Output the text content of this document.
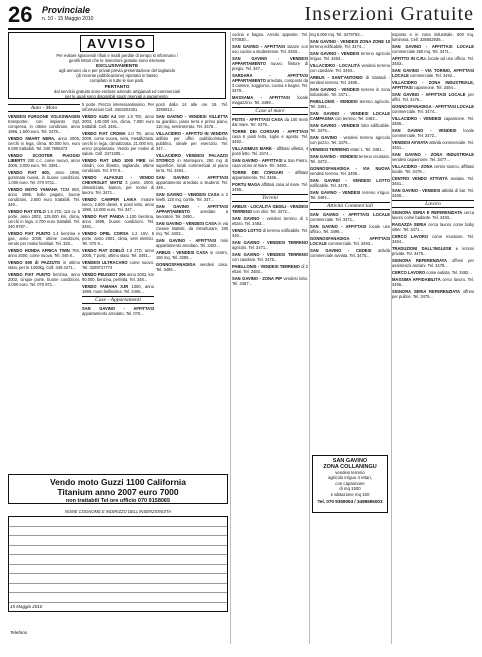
26 Provinciale
n. 10 - 15 Maggio 2010	Inserzioni Gratuite
AVVISO

Per evitare spiacevoli rifiuti e inutili perdite di tempo si informano i

gentili lettori che le inserzioni gratuite sono riservate

ESCLUSIVAMENTE

agli annunci da e per privati previa presentazione del tagliando

(di recente pubblicazione) riportato in basso

compilato in tutte le sue parti.

PERTANTO

dal servizio gratuito sono escluse aziende artigianali ed commerciali

per le quali sono disponibili spazi riservati a pagamento.

Auto - Moto
VENDESI FURGONE VOLKSWAGEN transporter, con impianto Gpl, compresa, in ottime condizioni, anno 1996, 1.500 euro. Tel. 3478...
VENDO SMART NERA, anno 2005, cerchi in lega, clima, 80.000 km, euro 5.500 trattabili. Tel. 340 7655473
VENDO SCOOTER PIAGGIO LIBERTY 200 c.c. come nuovo, anno 2006, 3.000 euro. Tel. 3391...
VENDO FIAT 600, anno 1998, gommata nuova, in buone condizioni, 1.000 euro. Tel. 070 9711...
VENDO MOTO YAMAHA TDM 850, anno 1996, bollo pagato, buone condizioni, 2.500 euro trattabili. Tel. 349...
VENDO FIAT STILO 1.9 JTD, 115 cv, 5 porte, anno 2002, 125.000 km, clima, cerchi in lega, 3.700 euro trattabili. Tel. 340 9787...
VENDO FIAT PUNTO 1.4 benzina e gas, anno 2008, ottime condizioni, vendo per motivi familiari. Tel. 328...
VENDO HONDA AFRICA TWIN 750, anno 2000, come nuova. Tel. 348 8...
VENDO 600 di PAZZUTO in ottimo stato, per le 1400kg. Cell. 349 4471...
VENDO FIAT PUNTO benzina, anno 2002, cinque porte, buone condizioni, 2.000 euro. Tel. 070 971...
5 porte. Prezzo interessantissimo. Per informazioni Cell. 3403202401
VENDO AUDI A4 SW 1.9 TDI, anno 2003, 140.000 km, clima, 7.000 euro trattabili. Cell. 3491...
VENDO FIAT CROMA 2.0 TD, anno 2009, come nuova, nera, metallizzata, cerchi in lega, climatizzata, 21.000 km, unico proprietario. Vendo per motivi di salute. Cell. 3471005...
VENDO FIAT UNO 1000 FIRE sei cilindri, con libretto, tagliando, ottime condizioni. Tel. 070 9....
VENDO ALFASUD - VENDO CHEVROLET MATIZ 3 porte, 2000, climatizzata, bianca, per motivi di lavoro. Tel. 3471...
VENDO CAMPER LAIKA motore Iveco, 2.800 diesel, 6 posti letto, anno 1990, 12.000 euro. Tel. 347...
VENDO FIAT PANDA 1.100 benzina, anno 1998, buone condizioni. Tel. 3491...
VENDO OPEL CORSA 1.2 16V, 5 porte, anno 2001, clima, vetri elettrici. Tel. 070 9...
VENDO FIAT DOBLÒ 1.9 JTD, anno 2005, 7 posti, ottimo stato. Tel. 3491...
VENDESI ULTRACARO come nuovo. Tel. 3209717774
VENDO PEUGEOT 206 anno 2002, km 90.000, benzina, perfetta. Tel. 348...
VENDO YAMAHA XJR 1300, anno 1999, moto bellissima. Tel. 3406...
Case - Appartamenti
SAN GAVINO - AFFITTASI appartamento arredato. Tel. 070...
posti dalla 14 alle ore 19. Tel. 3290913...
SAN GAVINO - VENDESI VILLETTA su giardino, piano terra e primo piano, 110 mq, seminterrato. Tel. 3478...
VILLACIDRO - AFFITTO IN VENDITA adibito per uffici pubblico/studio, pubblico, ideale per esercizio. Tel. 347...
VILLACIDRO VENDESI PALAZZO STORICO in Monteponi, 250 mq di superficie, locali commerciali al piano terra. Tel. 3494...
SAN GAVINO - AFFITTASI appartamento arredato a studenti. Tel. 349...
SAN GAVINO - VENDESI CASA a 2 livelli, 120 mq, cortile. Tel. 347...
SAN GAVINO - AFFITTASI APPARTAMENTO	arredato a lavoratori. Tel. 3490...
SAN GAVINO - VENDESI CASA in via Cesare Battisti, da ristrutturare, 180 mq. Tel. 3403...
SAN GAVINO - AFFITTASI mini appartamento arredato. Tel. 3402...
ARBUS - VENDESI CASA in centro, 150 mq. Tel. 3285...
GONNOSFANADIGA vendesi casa. Tel. 3496...
cucina e bagno. Arredo apposite. Tel. 070930...
SAN GAVINO - AFFITTASI stanze con uso cucina a studentesse. Tel. 3483...
SAN GAVINO - VENDESI APPARTAMENTO nuovo, finiture di pregio. Tel. 347...
SARDARA - AFFITTASI APPARTAMENTO arredato, composto da 3 camere, soggiorno, cucina e bagno. Tel. 3478...
MASSAMA - AFFITTASI locale magazzino. Tel. 3498...
Case al mare
PISTIS - AFFITTASI CASA da 100 metri dal mare. Tel. 3478...
TORRE DEI CORSARI - AFFITTASI casa 6 posti letto, luglio e agosto. Tel. 3492...
VILLASIMIUS MARE - affittasi villetta, 4 posti letto. Tel. 3474...
SAN GAVINO - AFFITTASI a San Pietro, casa vicino al mare. Tel. 3490...
TORRE DEI CORSARI - affittasi appartamento. Tel. 3486...
PORTU MAGA affittasi casa al mare. Tel. 3495...
Terreni
ARBUS - LOCALITÀ GEDILI - VENDESI TERRENO con olivi. Tel. 3472...
SAN GAVINO - vendesi terreno di 1 ettaro. Tel. 3493...
VENDO LOTTO di terreno edificabile. Tel. 349...
SAN GAVINO - VENDESI TERRENO agricolo. Tel. 3471...
SAN GAVINO - VENDESI TERRENO con casolare. Tel. 3475...
PABILLONIS - VENDESI TERRENO di 2 ettari. Tel. 3483...
SAN GAVINO - ZONA PIP vendesi lotto. Tel. 3487...
mq 6.000 mq. Tel. 3479753...
SAN GAVINO - VENDESI ZONA ZONE 10 terreno edificabile. Tel. 3474...
SAN GAVINO - VENDESI terreno agricolo irriguo. Tel. 3493...
VILLACIDRO - LOCALITÀ vendesi terreno con casolare. Tel. 3494...
ARBUS - SANT'ANTONIO di Santadi - vendesi terreno. Tel. 3485...
SAN GAVINO - VENDESI terreno in zona industriale. Tel. 3471...
PABILLONIS - VENDESI terreno agricolo. Tel. 3491...
SAN GAVINO - VENDESI LOCALE CAMPAGNA con terreno. Tel. 3483...
SAN GAVINO - VENDESI lotto edificabile. Tel. 3479...
SAN GAVINO - vendesi terreno agricolo con pozzo. Tel. 3476...
VENDESI TERRENO ettari 1. Tel. 3481...
SAN GAVINO - VENDESI terreno recintato. Tel. 3473...
GONNOSFANADIGA - VIA NUOVA vendesi terreno. Tel. 3495...
SAN GAVINO - VENDESI LOTTO edificabile. Tel. 3478...
SAN GAVINO - VENDESI terreno irriguo. Tel. 3494...
Attività Commerciali
SAN GAVINO - AFFITTASI LOCALE commerciale. Tel. 3471...
SAN GAVINO - AFFITTASI locale uso ufficio. Tel. 3496...
GONNOSFANADIGA - AFFITTASI LOCALE commerciale. Tel. 3493...
SAN GAVINO - CEDESI attività commerciale avviata. Tel. 3475...
esposto e in zona industriale, 500 mq, luminosa. Cell. 335652936...
SAN GAVINO - AFFITTASI LOCALE commerciale 250 mq. Tel. 3471...
AFFITTO IN C.R.I. locale ad uso ufficio. Tel. 3483...
SAN GAVINO - VIA TORINO, AFFITTASI LOCALE commerciale. Tel. 3492...
VILLACIDRO - ZONA INDUSTRIALE, AFFITTASI capannone. Tel. 3494...
SAN GAVINO - AFFITTASI LOCALE per uffici. Tel. 3476...
GONNOSFANADIGA - AFFITTASI LOCALE commerciale. Tel. 3474...
VILLACIDRO - VENDESI capannone. Tel. 3485...
SAN GAVINO - VENDESI locale commerciale. Tel. 3472...
VENDESI AVVIATA attività commerciale. Tel. 3491...
SAN GAVINO - ZONA INDUSTRIALE vendesi capannone. Tel. 3477...
VILLACIDRO - ZONA centro storico, affittasi locale. Tel. 3479...
CENTRO VENDO ATTIVITÀ avviata. Tel. 3481...
SAN GAVINO - VENDESI attività di bar. Tel. 3490...
Lavoro
SIGNORA SERIA E REFERENZIATA cerca lavoro come badante. Tel. 3493...
RAGAZZA SERIA cerca lavoro come baby sitter. Tel. 3471...
CERCO LAVORO come muratore. Tel. 3484...
TRADUZIONI DALL'INGLESE e lezioni private. Tel. 3476...
SIGNORA REFERENZIATA offresi per assistenza anziani. Tel. 3478...
CERCO LAVORO come autista. Tel. 3492...
MASSIMA AFFIDABILITÀ cerco lavoro. Tel. 3495...
SIGNORA SERIA REFERENZIATA offresi per pulizie. Tel. 3475...
SAN GAVINO
ZONA COLLANINGU
vendesi terreno
agricolo irriguo 4 ettari,
con capannone
di mq 1500
e abitazione mq 150
Tel. 070 9359053 / 3498695003
Vendo moto Guzzi 1100 California
Titanium anno 2007 euro 7000
non trattabili Tel ore ufficio 070 9158065
NOME COGNOME E INDIRIZZO DELL'INSERZIONISTA
15 Maggio 2010
Telefono
